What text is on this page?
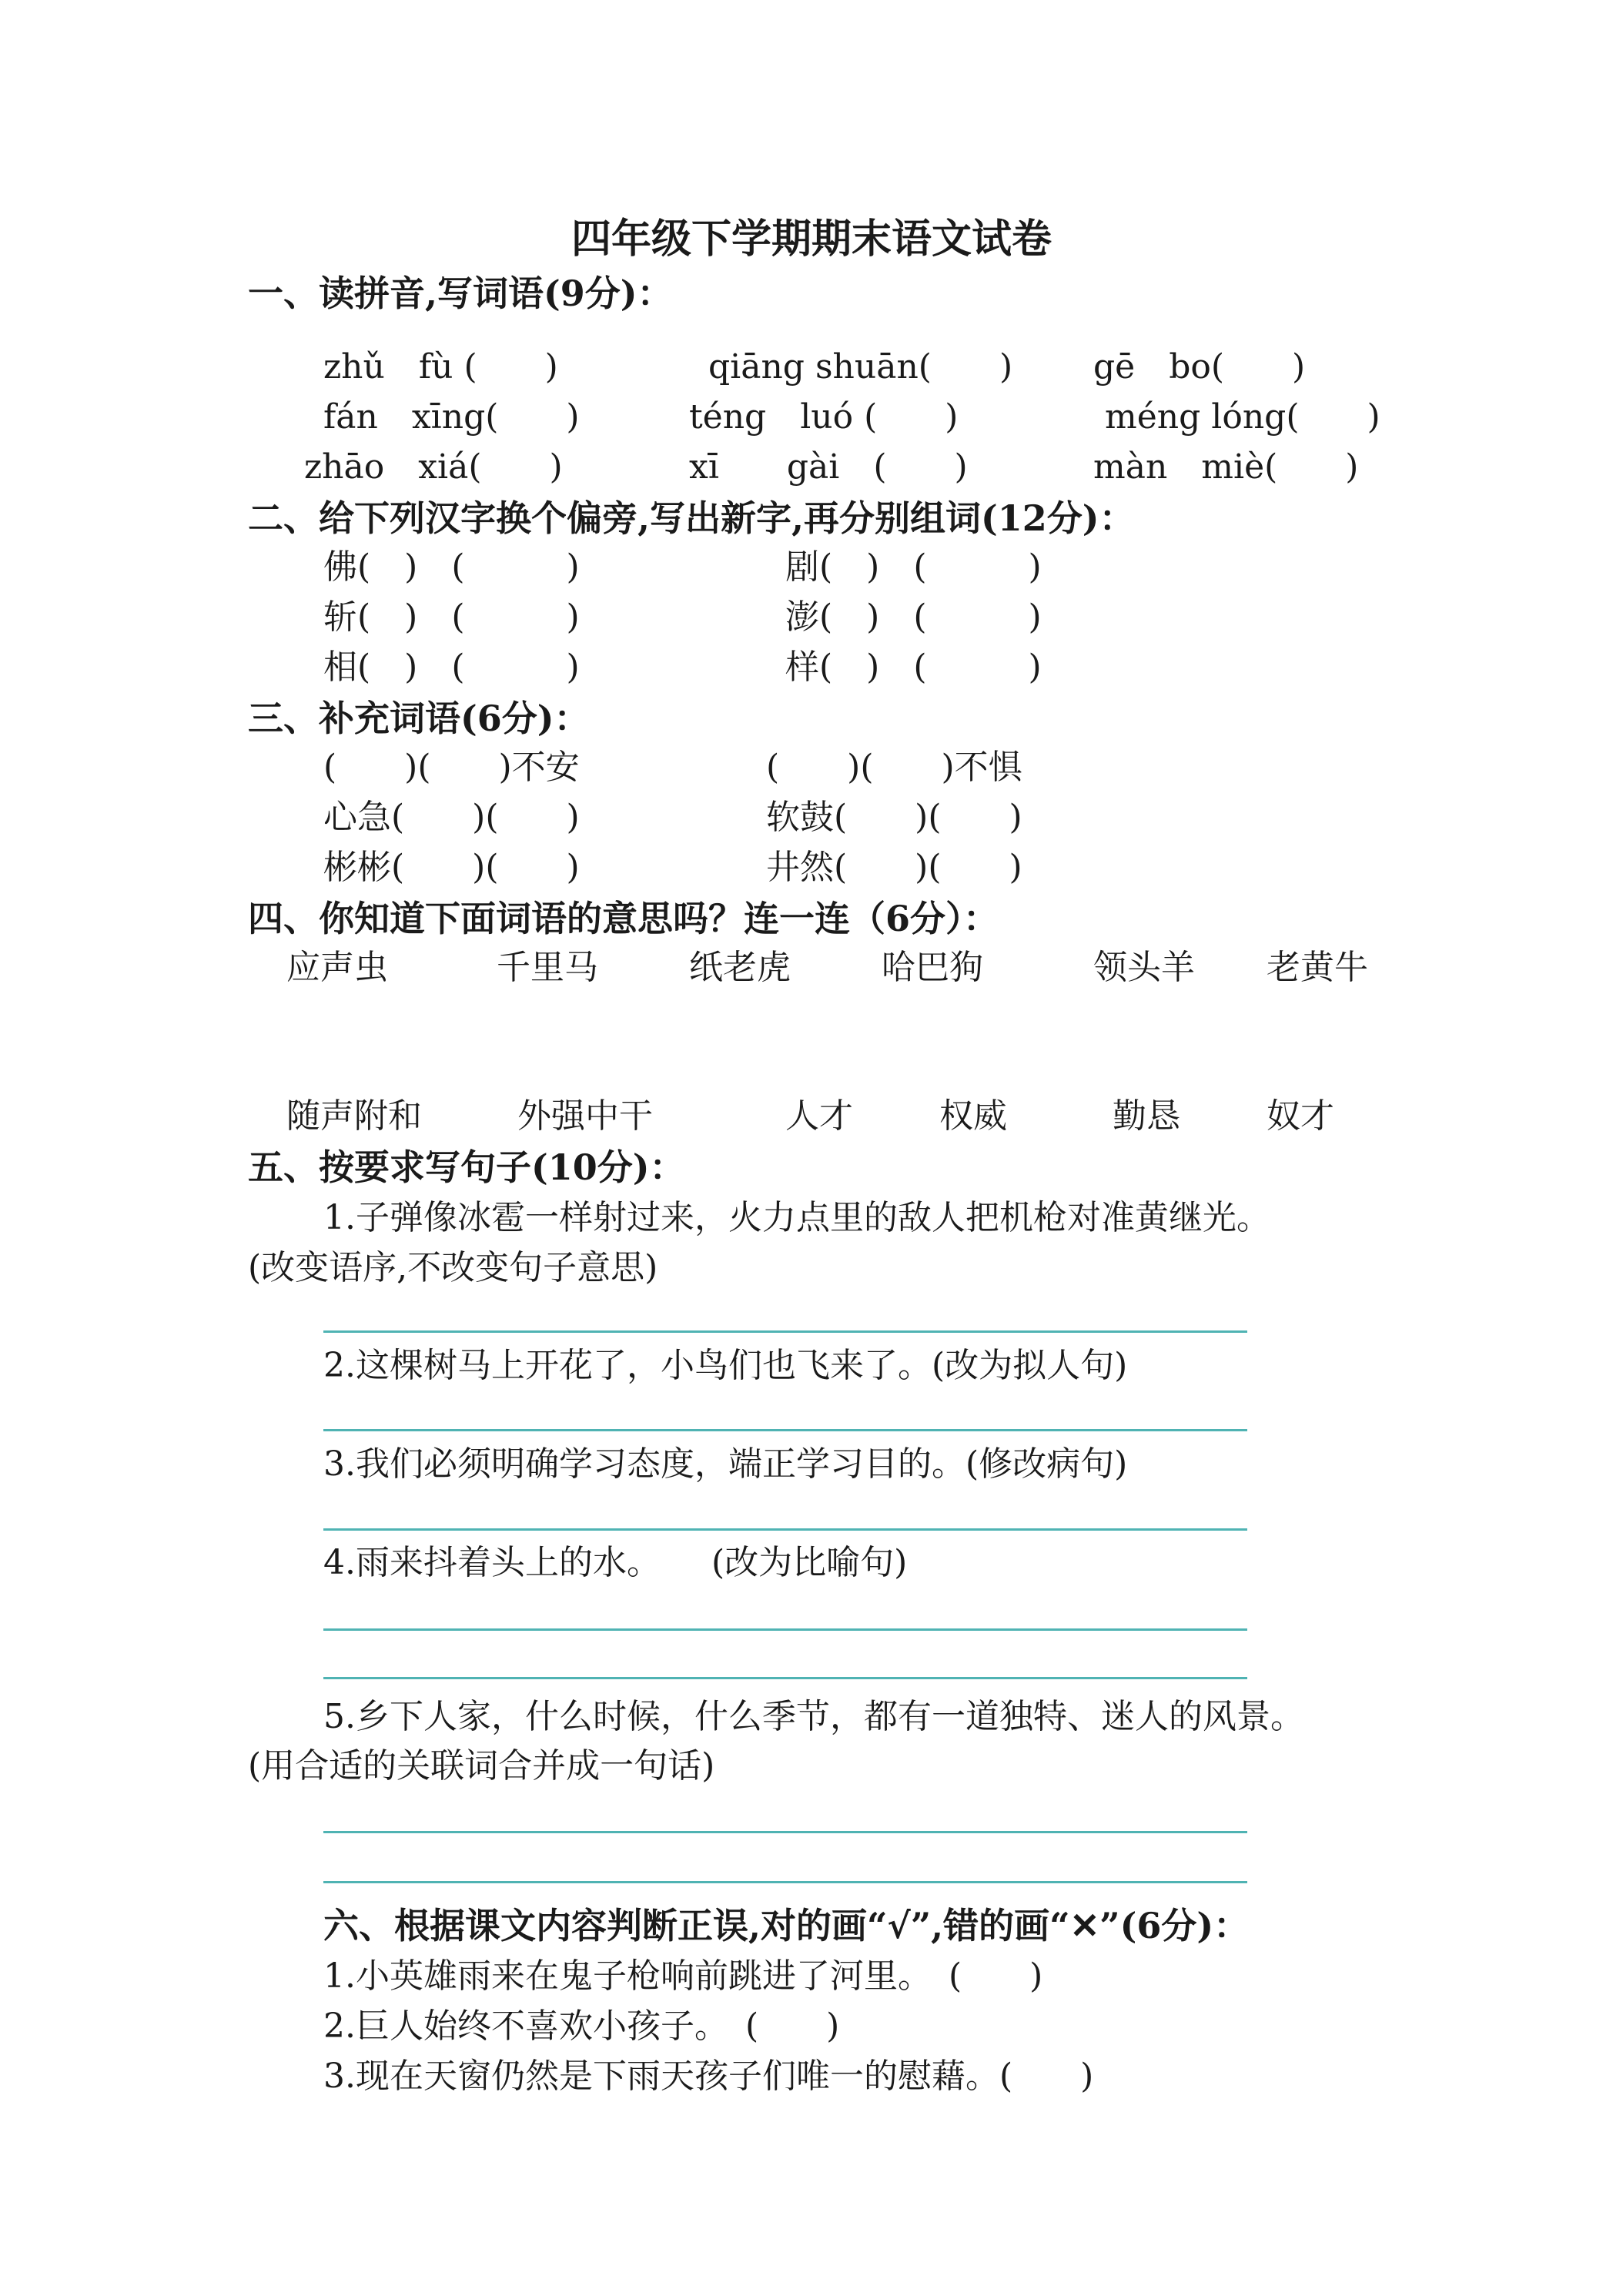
四年级下学期期末语文试卷
一、读拼音,写词语(9分)：
zhǔ　fù (　　)	qiāng shuān(　　) gē　bo(　　)
fán　xīng(　　)	téng　luó (　　)	méng lóng(　　)
zhāo　xiá(　　)	xī　　gài　(　　)	màn　miè(　　)
二、给下列汉字换个偏旁,写出新字,再分别组词(12分)：
佛(　)　(　　　)	剧(　)　(　　　)
斩(　)　(　　　)	澎(　)　(　　　)
相(　)　(　　　)	样(　)　(　　　)
三、补充词语(6分)：
(　　)(　　)不安	(　　)(　　)不惧
心急(　　)(　　)	软鼓(　　)(　　)
彬彬(　　)(　　)	井然(　　)(　　)
四、你知道下面词语的意思吗？连一连（6分）：
应声虫	千里马	纸老虎	哈巴狗	领头羊 老黄牛
随声附和	外强中干	人才	权威	勤恳	奴才
五、按要求写句子(10分)：
1.子弹像冰雹一样射过来，火力点里的敌人把机枪对准黄继光。
(改变语序,不改变句子意思)
2.这棵树马上开花了，小鸟们也飞来了。(改为拟人句)
3.我们必须明确学习态度，端正学习目的。(修改病句)
4.雨来抖着头上的水。　　(改为比喻句)
5.乡下人家，什么时候，什么季节，都有一道独特、迷人的风景。
(用合适的关联词合并成一句话)
六、根据课文内容判断正误,对的画“√”,错的画“✕”(6分)：
1.小英雄雨来在鬼子枪响前跳进了河里。　(　　)
2.巨人始终不喜欢小孩子。　(　　)
3.现在天窗仍然是下雨天孩子们唯一的慰藉。(　　)
